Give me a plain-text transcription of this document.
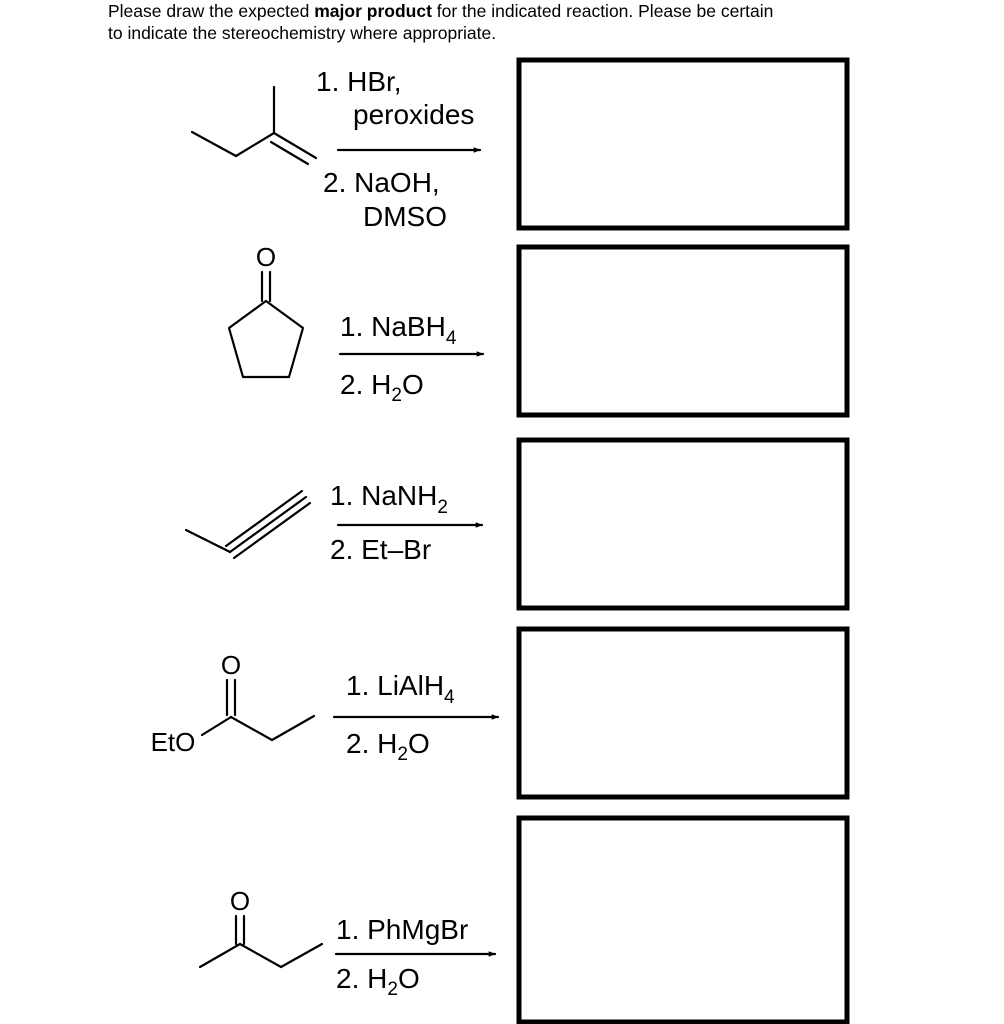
Please draw the expected major product for the indicated reaction. Please be certain
to indicate the stereochemistry where appropriate.
1. HBr,
peroxides
2. NaOH,
DMSO
O
1. NaBH$_4$
2. $H_2O$
1. NaNH$_2$
2. Et–Br
EtO
O
1. LiAlH$_4$
2. $H_2O$
O
1. PhMgBr
2. $H_2O$
